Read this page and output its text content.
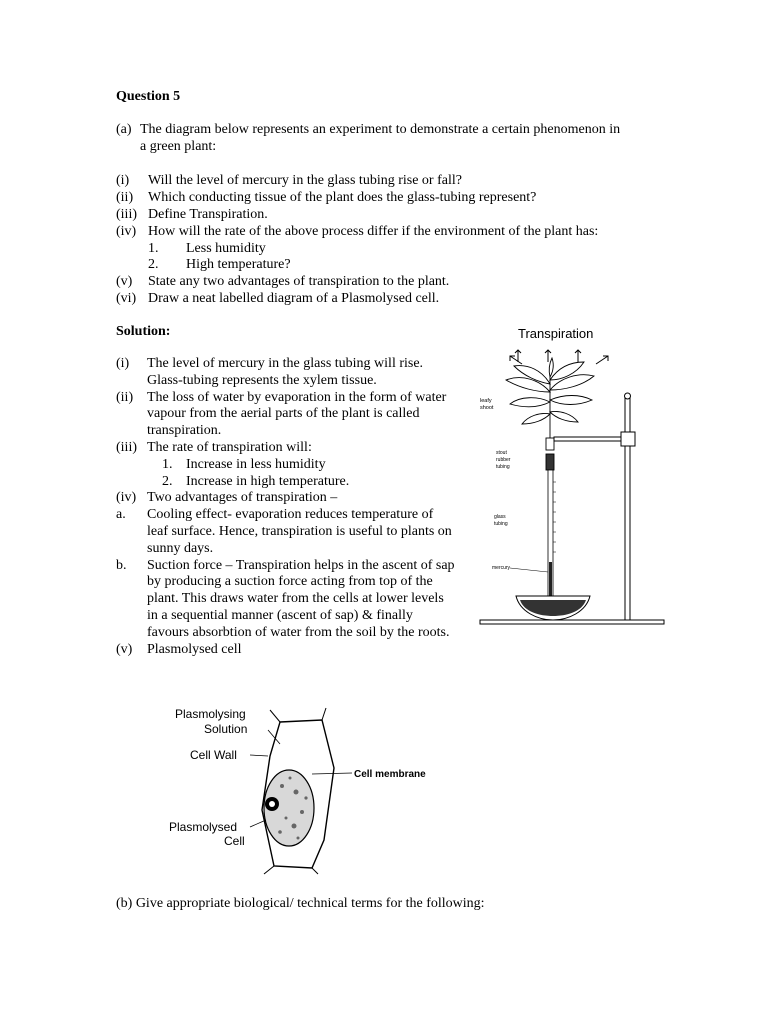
Question 5
(a) The diagram below represents an experiment to demonstrate a certain phenomenon in
a green plant:
(i) Will the level of mercury in the glass tubing rise or fall?
(ii) Which conducting tissue of the plant does the glass-tubing represent?
(iii) Define Transpiration.
(iv) How will the rate of the above process differ if the environment of the plant has:
1. Less humidity
2. High temperature?
(v) State any two advantages of transpiration to the plant.
(vi) Draw a neat labelled diagram of a Plasmolysed cell.
Solution:
(i)	The level of mercury in the glass tubing will rise. Glass-tubing represents the xylem tissue.
(ii) The loss of water by evaporation in the form of water vapour from the aerial parts of the plant is called transpiration.
(iii) The rate of transpiration will:
1. Increase in less humidity
2. Increase in high temperature.
(iv) Two advantages of transpiration –
a.	Cooling effect- evaporation reduces temperature of leaf surface. Hence, transpiration is useful to plants on sunny days.
b.	Suction force – Transpiration helps in the ascent of sap by producing a suction force acting from top of the plant. This draws water from the cells at lower levels in a sequential manner (ascent of sap) & finally favours absorbtion of water from the soil by the roots.
(v)	Plasmolysed cell
Transpiration
leafy
shoot
stout
rubber
tubing
glass
tubing
mercury
Plasmolysing
Solution
Cell Wall
Cell membrane
Plasmolysed
Cell
(b) Give appropriate biological/ technical terms for the following:
